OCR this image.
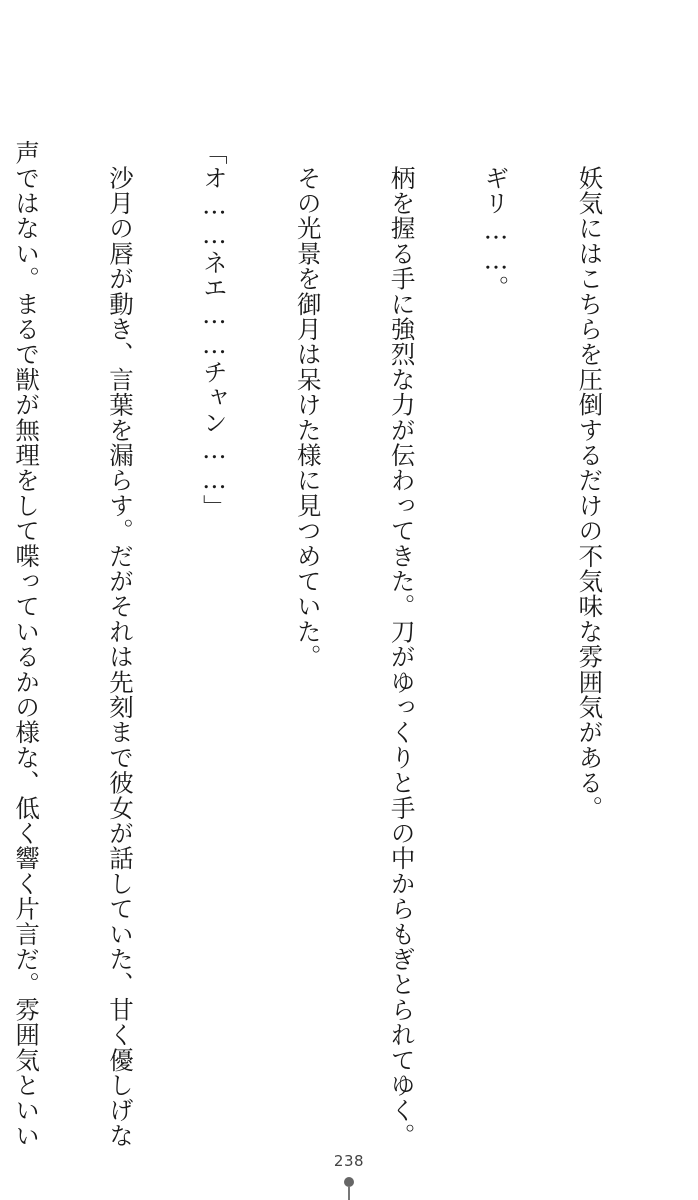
　妖気にはこちらを圧倒するだけの不気味な雰囲気がある。

　ギリ……。

　柄を握る手に強烈な力が伝わってきた。刀がゆっくりと手の中からもぎとられてゆく。

　その光景を御月は呆けた様に見つめていた。

「オ……ネエ……チャン……」

　沙月の唇が動き、言葉を漏らす。だがそれは先刻まで彼女が話していた、甘く優しげな

声ではない。まるで獣が無理をして喋っているかの様な、低く響く片言だ。雰囲気といい

238
